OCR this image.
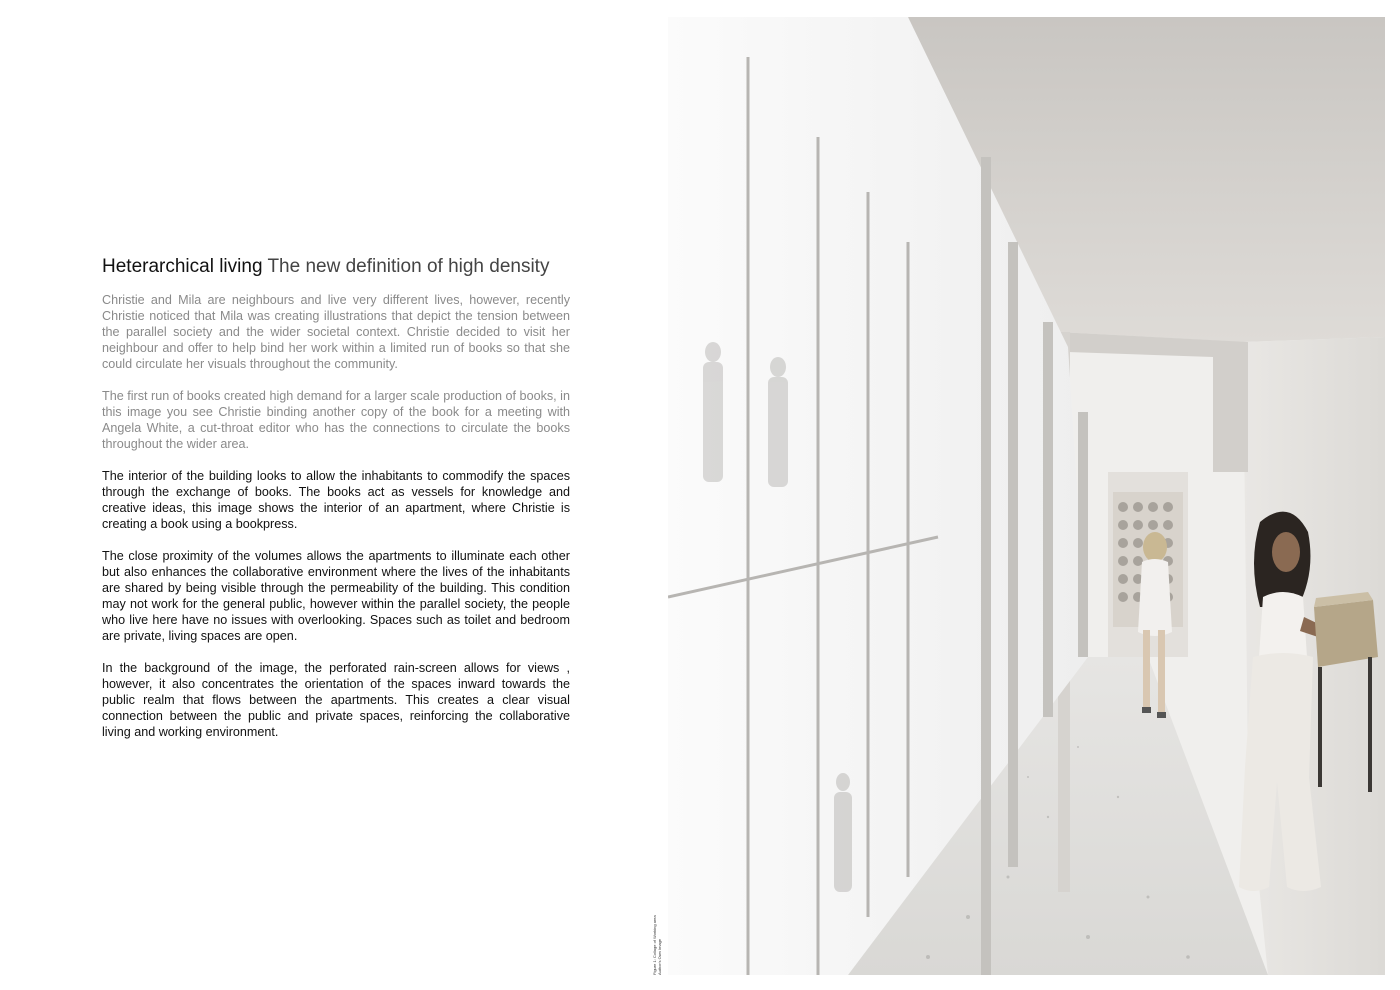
Heterarchical living The new definition of high density

Christie and Mila are neighbours and live very different lives, however, recently Christie noticed that Mila was creating illustrations that depict the tension between the parallel society and the wider societal context. Christie decided to visit her neighbour and offer to help bind her work within a limited run of books so that she could circulate her visuals throughout the community.

The first run of books created high demand for a larger scale production of books, in this image you see Christie binding another copy of the book for a meeting with Angela White, a cut-throat editor who has the connections to circulate the books throughout the wider area.

The interior of the building looks to allow the inhabitants to commodify the spaces through the exchange of books. The books act as vessels for knowledge and creative ideas, this image shows the interior of an apartment, where Christie is creating a book using a bookpress.

The close proximity of the volumes allows the apartments to illuminate each other but also enhances the collaborative environment where the lives of the inhabitants are shared by being visible through the permeability of the building. This condition may not work for the general public, however within the parallel society, the people who live here have no issues with overlooking. Spaces such as toilet and bedroom are private, living spaces are open.

In the background of the image, the perforated rain-screen allows for views , however, it also concentrates the orientation of the spaces inward towards the public realm that flows between the apartments. This creates a clear visual connection between the public and private spaces, reinforcing the collaborative living and working environment.

Figure 1: Collage of Working area Author's Own Image
